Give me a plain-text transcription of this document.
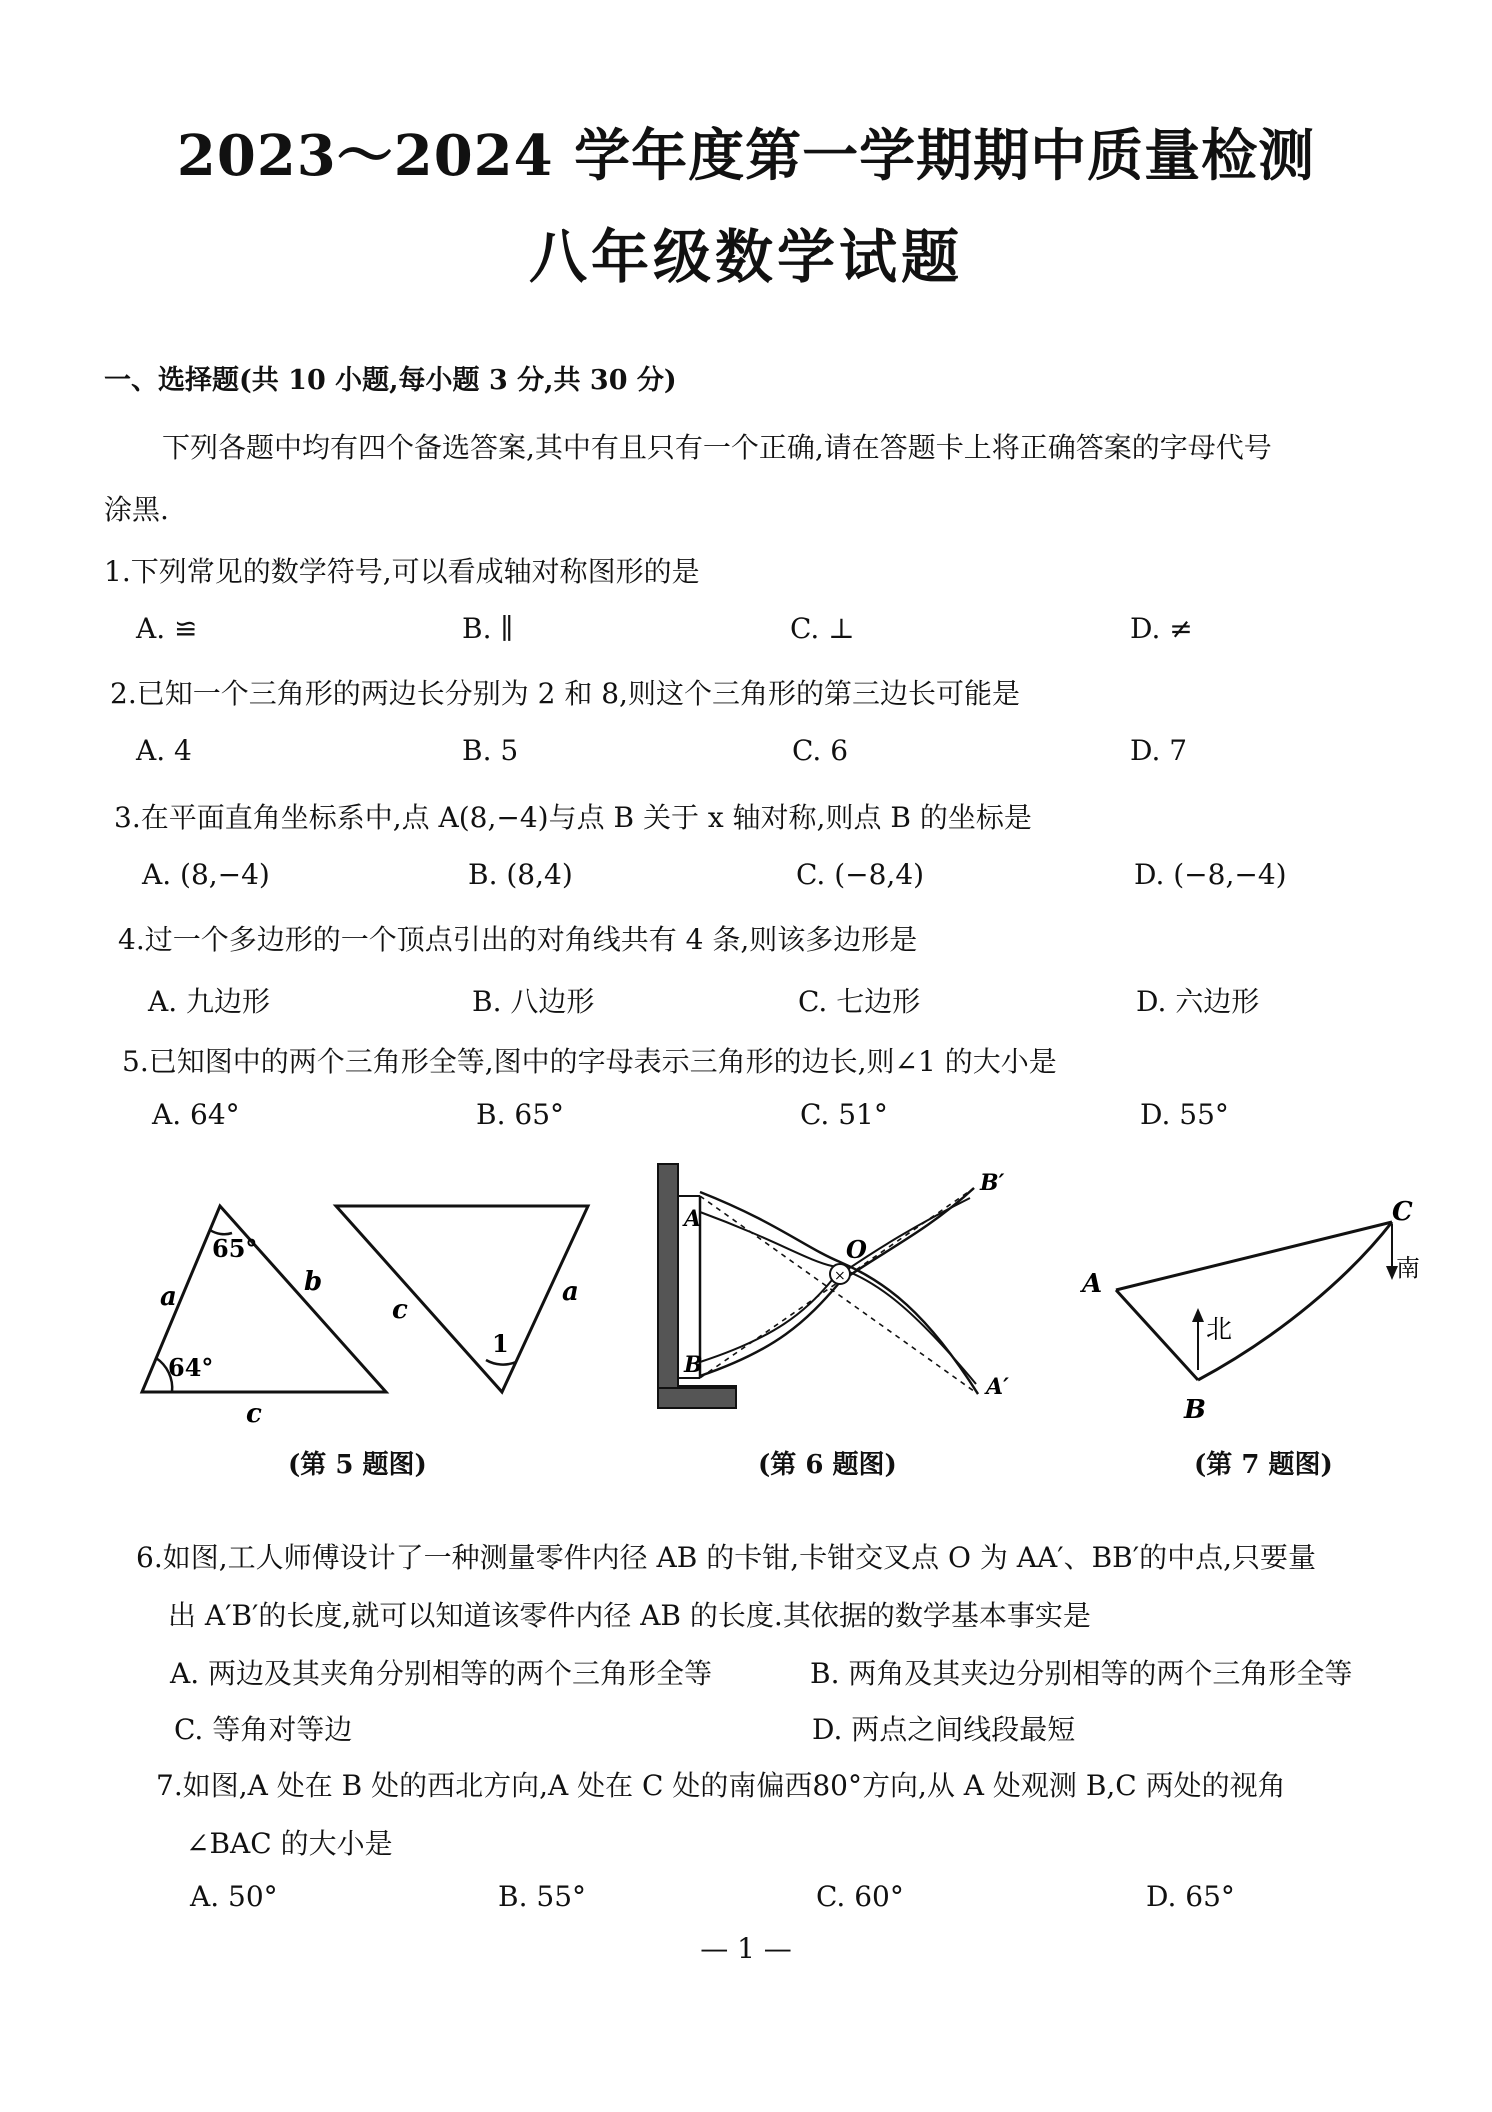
2023～2024 学年度第一学期期中质量检测
八年级数学试题
一、选择题(共 10 小题,每小题 3 分,共 30 分)
下列各题中均有四个备选答案,其中有且只有一个正确,请在答题卡上将正确答案的字母代号
涂黑.
1.下列常见的数学符号,可以看成轴对称图形的是
A. ≌	B. ∥	C. ⊥	D. ≠
2.已知一个三角形的两边长分别为 2 和 8,则这个三角形的第三边长可能是
A. 4	B. 5	C. 6	D. 7
3.在平面直角坐标系中,点 A(8,−4)与点 B 关于 x 轴对称,则点 B 的坐标是
A. (8,−4)	B. (8,4)	C. (−8,4)	D. (−8,−4)
4.过一个多边形的一个顶点引出的对角线共有 4 条,则该多边形是
A. 九边形	B. 八边形	C. 七边形	D. 六边形
5.已知图中的两个三角形全等,图中的字母表示三角形的边长,则∠1 的大小是
A. 64°	B. 65°	C. 51°	D. 55°
65°
64°
a	b
c
c
a
1
(第 5 题图)
×
A
B
O
B′
A′
(第 6 题图)
A
B
C
北
南
(第 7 题图)
6.如图,工人师傅设计了一种测量零件内径 AB 的卡钳,卡钳交叉点 O 为 AA′、BB′的中点,只要量
出 A′B′的长度,就可以知道该零件内径 AB 的长度.其依据的数学基本事实是
A. 两边及其夹角分别相等的两个三角形全等	B. 两角及其夹边分别相等的两个三角形全等
C. 等角对等边	D. 两点之间线段最短
7.如图,A 处在 B 处的西北方向,A 处在 C 处的南偏西80°方向,从 A 处观测 B,C 两处的视角
∠BAC 的大小是
A. 50°	B. 55°	C. 60°	D. 65°
— 1 —
